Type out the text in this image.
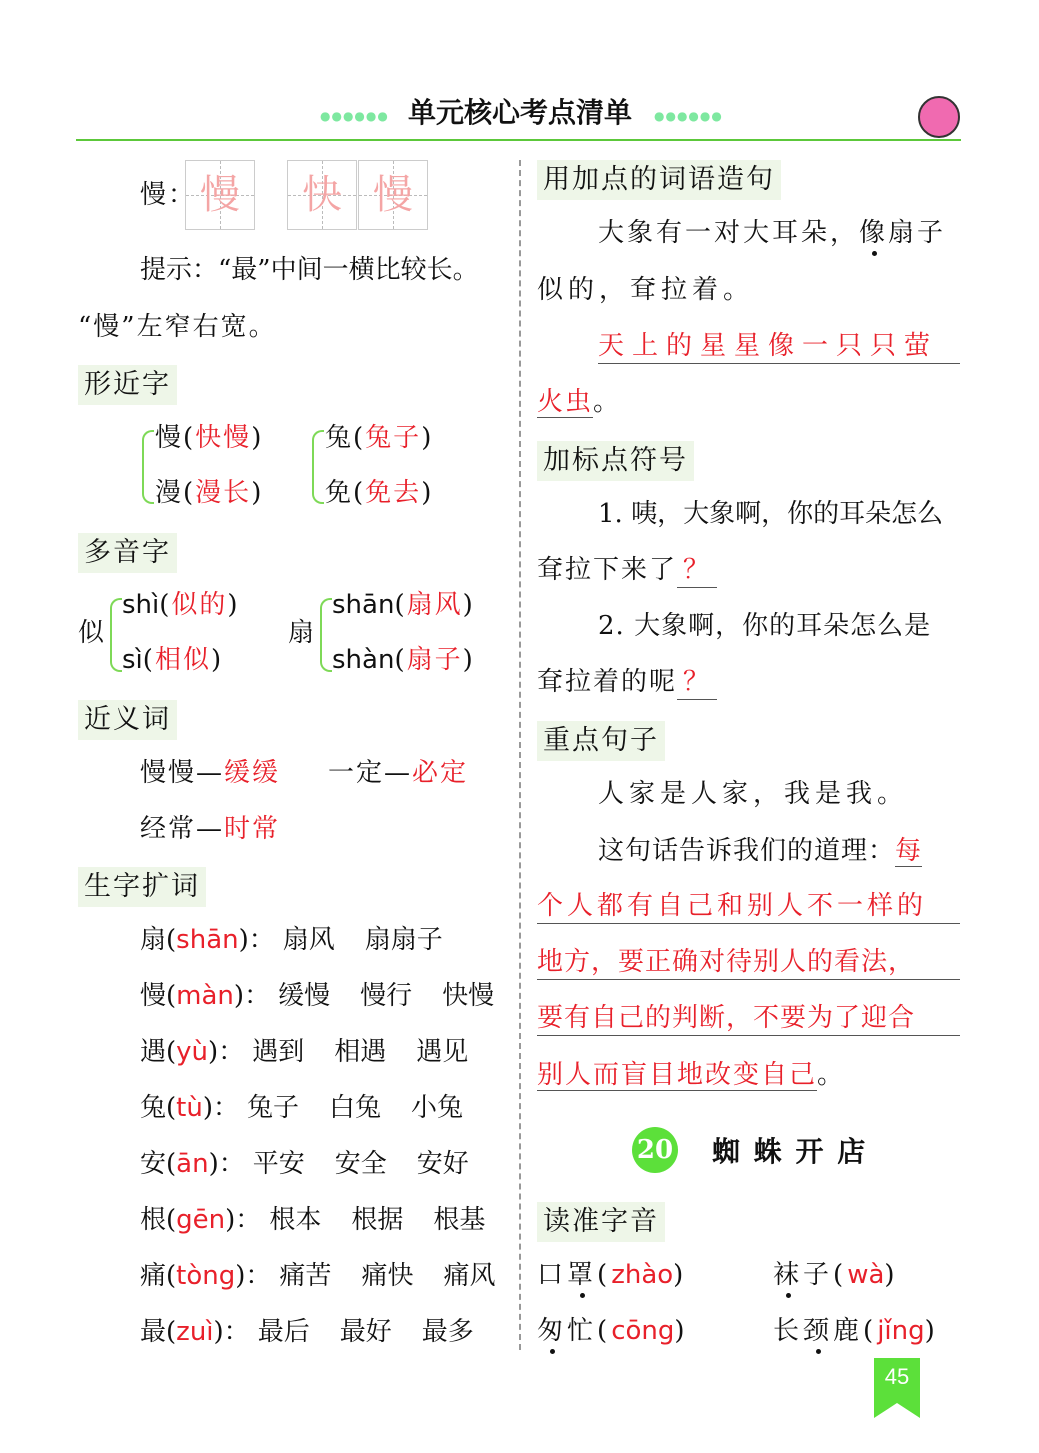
●●●●●● 单元核心考点清单 ●●●●●●
慢： 慢	快 慢
提示：“最”中间一横比较长。
“慢”左窄右宽。
形近字
慢(快慢)
漫(漫长)
兔(兔子)
免(免去)
多音字
似
shì(似的)
sì(相似)
扇
shān(扇风)
shàn(扇子)
近义词
慢慢—缓缓 一定—必定
经常—时常
生字扩词
扇(shān)： 扇风 扇扇子
慢(màn)： 缓慢 慢行 快慢
遇(yù)： 遇到 相遇 遇见
兔(tù)： 兔子 白兔 小兔
安(ān)： 平安 安全 安好
根(gēn)： 根本 根据 根基
痛(tòng)： 痛苦 痛快 痛风
最(zuì)： 最后 最好 最多
用加点的词语造句
大象有一对大耳朵，像扇子
似的，耷拉着。
天上的星星像一只只萤
火虫。
加标点符号
1. 咦，大象啊，你的耳朵怎么
耷拉下来了 ？
2. 大象啊，你的耳朵怎么是
耷拉着的呢 ？
重点句子
人家是人家，我是我。
这句话告诉我们的道理：每
个人都有自己和别人不一样的
地方，要正确对待别人的看法，
要有自己的判断，不要为了迎合
别人而盲目地改变自己。
20 蜘 蛛 开 店
读准字音
口罩(zhào)	袜子(wà)
匆忙(cōng)	长颈鹿(jǐng)
45
